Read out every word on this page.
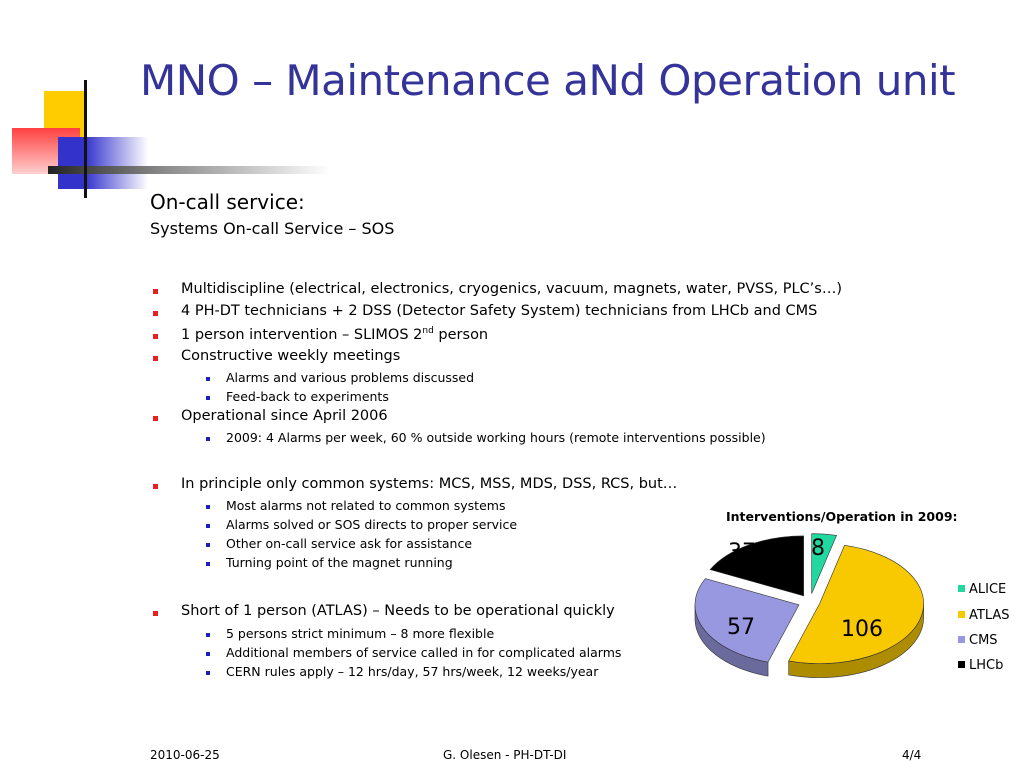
MNO – Maintenance aNd Operation unit
On-call service:
Systems On-call Service – SOS
Multidiscipline (electrical, electronics, cryogenics, vacuum, magnets, water, PVSS, PLC’s…)
4 PH-DT technicians + 2 DSS (Detector Safety System) technicians from LHCb and CMS
1 person intervention – SLIMOS 2nd person
Constructive weekly meetings
Alarms and various problems discussed
Feed-back to experiments
Operational since April 2006
2009: 4 Alarms per week, 60 % outside working hours (remote interventions possible)
In principle only common systems: MCS, MSS, MDS, DSS, RCS, but…
Most alarms not related to common systems
Alarms solved or SOS directs to proper service
Other on-call service ask for assistance
Turning point of the magnet running
Short of 1 person (ATLAS) – Needs to be operational quickly
5 persons strict minimum – 8 more flexible
Additional members of service called in for complicated alarms
CERN rules apply – 12 hrs/day, 57 hrs/week, 12 weeks/year
Interventions/Operation in 2009:
37	8
57	106
ALICE
ATLAS
CMS
LHCb
2010-06-25	G. Olesen - PH-DT-DI	4/4
